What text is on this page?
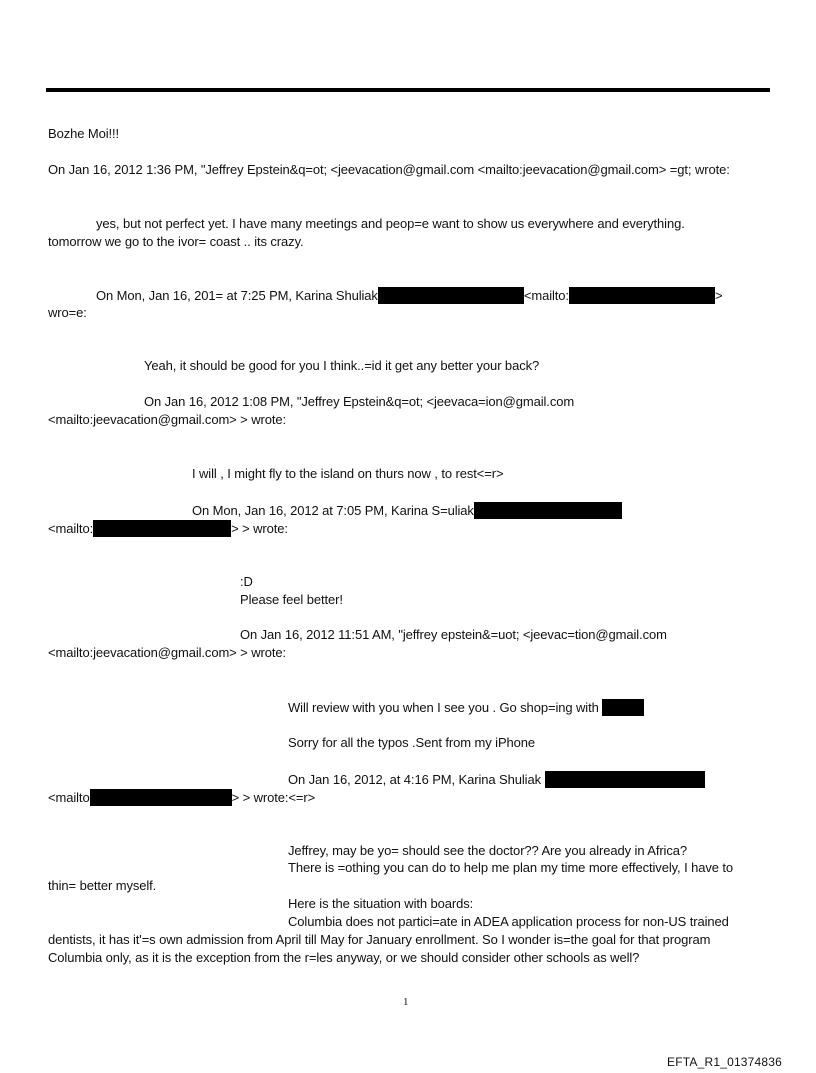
Bozhe Moi!!!
On Jan 16, 2012 1:36 PM, "Jeffrey Epstein&q=ot; <jeevacation@gmail.com <mailto:jeevacation@gmail.com> =gt; wrote:
yes, but not perfect yet. I have many meetings and peop=e want to show us everywhere and everything.
tomorrow we go to the ivor= coast .. its crazy.
On Mon, Jan 16, 201= at 7:25 PM, Karina Shuliak	<mailto:	>
wro=e:
Yeah, it should be good for you I think..=id it get any better your back?
On Jan 16, 2012 1:08 PM, "Jeffrey Epstein&q=ot; <jeevaca=ion@gmail.com
<mailto:jeevacation@gmail.com> > wrote:
I will , I might fly to the island on thurs now , to rest<=r>
On Mon, Jan 16, 2012 at 7:05 PM, Karina S=uliak
<mailto:	> > wrote:
:D
Please feel better!
On Jan 16, 2012 11:51 AM, "jeffrey epstein&=uot; <jeevac=tion@gmail.com
<mailto:jeevacation@gmail.com> > wrote:
Will review with you when I see you . Go shop=ing with
Sorry for all the typos .Sent from my iPhone
On Jan 16, 2012, at 4:16 PM, Karina Shuliak
<mailto	> > wrote:<=r>
Jeffrey, may be yo= should see the doctor?? Are you already in Africa?
There is =othing you can do to help me plan my time more effectively, I have to
thin= better myself.
Here is the situation with boards:
Columbia does not partici=ate in ADEA application process for non-US trained
dentists, it has it'=s own admission from April till May for January enrollment. So I wonder is=the goal for that program
Columbia only, as it is the exception from the r=les anyway, or we should consider other schools as well?
1
EFTA_R1_01374836
